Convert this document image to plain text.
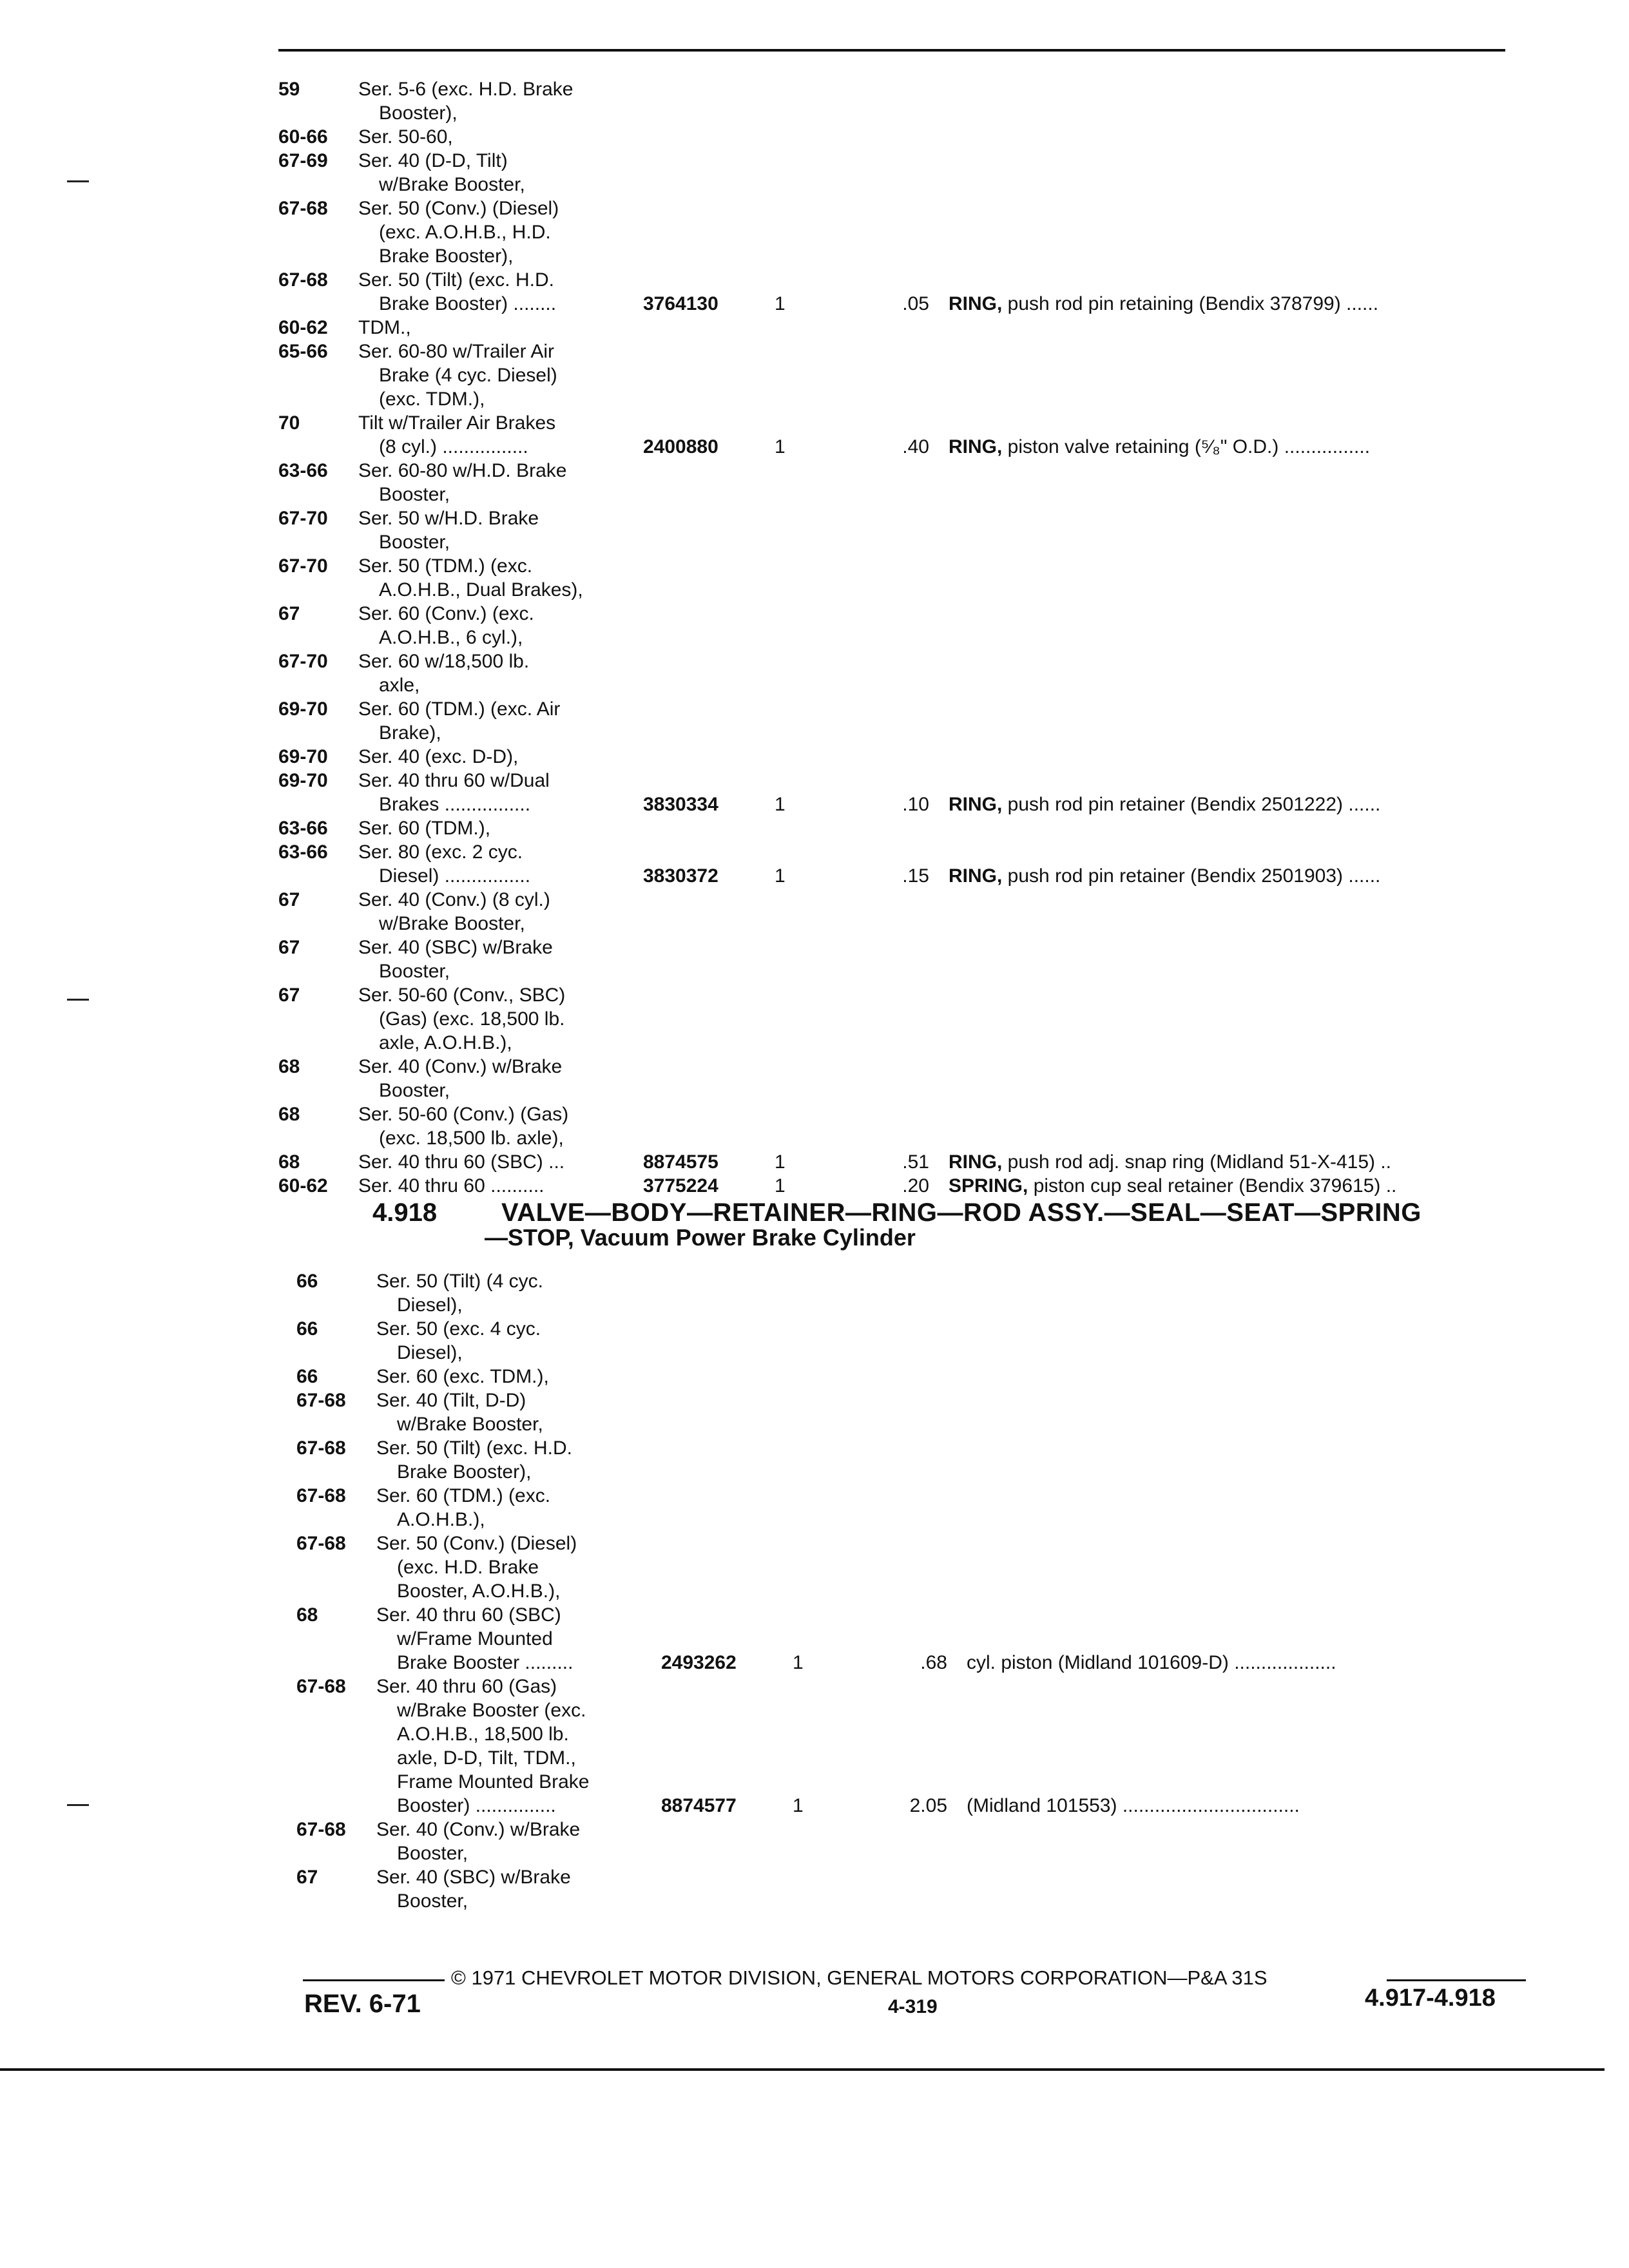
59	Ser. 5-6 (exc. H.D. Brake
Booster),
60-66 Ser. 50-60,
67-69 Ser. 40 (D-D, Tilt)
w/Brake Booster,
67-68 Ser. 50 (Conv.) (Diesel)
(exc. A.O.H.B., H.D.
Brake Booster),
67-68 Ser. 50 (Tilt) (exc. H.D.
Brake Booster) ........	3764130	1	.05 RING, push rod pin retaining (Bendix 378799) ......
60-62 TDM.,
65-66 Ser. 60-80 w/Trailer Air
Brake (4 cyc. Diesel)
(exc. TDM.),
70	Tilt w/Trailer Air Brakes
(8 cyl.) ................	2400880	1	.40 RING, piston valve retaining (⁵⁄₈" O.D.) ................
63-66 Ser. 60-80 w/H.D. Brake
Booster,
67-70 Ser. 50 w/H.D. Brake
Booster,
67-70 Ser. 50 (TDM.) (exc.
A.O.H.B., Dual Brakes),
67	Ser. 60 (Conv.) (exc.
A.O.H.B., 6 cyl.),
67-70 Ser. 60 w/18,500 lb.
axle,
69-70 Ser. 60 (TDM.) (exc. Air
Brake),
69-70 Ser. 40 (exc. D-D),
69-70 Ser. 40 thru 60 w/Dual
Brakes ................	3830334	1	.10 RING, push rod pin retainer (Bendix 2501222) ......
63-66 Ser. 60 (TDM.),
63-66 Ser. 80 (exc. 2 cyc.
Diesel) ................	3830372	1	.15 RING, push rod pin retainer (Bendix 2501903) ......
67	Ser. 40 (Conv.) (8 cyl.)
w/Brake Booster,
67	Ser. 40 (SBC) w/Brake
Booster,
67	Ser. 50-60 (Conv., SBC)
(Gas) (exc. 18,500 lb.
axle, A.O.H.B.),
68	Ser. 40 (Conv.) w/Brake
Booster,
68	Ser. 50-60 (Conv.) (Gas)
(exc. 18,500 lb. axle),
68	Ser. 40 thru 60 (SBC) ...	8874575	1	.51 RING, push rod adj. snap ring (Midland 51-X-415) ..
60-62 Ser. 40 thru 60 ..........	3775224	1	.20 SPRING, piston cup seal retainer (Bendix 379615) ..
4.918 VALVE—BODY—RETAINER—RING—ROD ASSY.—SEAL—SEAT—SPRING
—STOP, Vacuum Power Brake Cylinder
66	Ser. 50 (Tilt) (4 cyc.
Diesel),
66	Ser. 50 (exc. 4 cyc.
Diesel),
66	Ser. 60 (exc. TDM.),
67-68 Ser. 40 (Tilt, D-D)
w/Brake Booster,
67-68 Ser. 50 (Tilt) (exc. H.D.
Brake Booster),
67-68 Ser. 60 (TDM.) (exc.
A.O.H.B.),
67-68 Ser. 50 (Conv.) (Diesel)
(exc. H.D. Brake
Booster, A.O.H.B.),
68	Ser. 40 thru 60 (SBC)
w/Frame Mounted
Brake Booster .........	2493262	1	.68 cyl. piston (Midland 101609-D) ...................
67-68 Ser. 40 thru 60 (Gas)
w/Brake Booster (exc.
A.O.H.B., 18,500 lb.
axle, D-D, Tilt, TDM.,
Frame Mounted Brake
Booster) ...............	8874577	1	2.05 (Midland 101553) .................................
67-68 Ser. 40 (Conv.) w/Brake
Booster,
67	Ser. 40 (SBC) w/Brake
Booster,
© 1971 CHEVROLET MOTOR DIVISION, GENERAL MOTORS CORPORATION—P&A 31S
REV. 6-71	4-319	4.917-4.918
